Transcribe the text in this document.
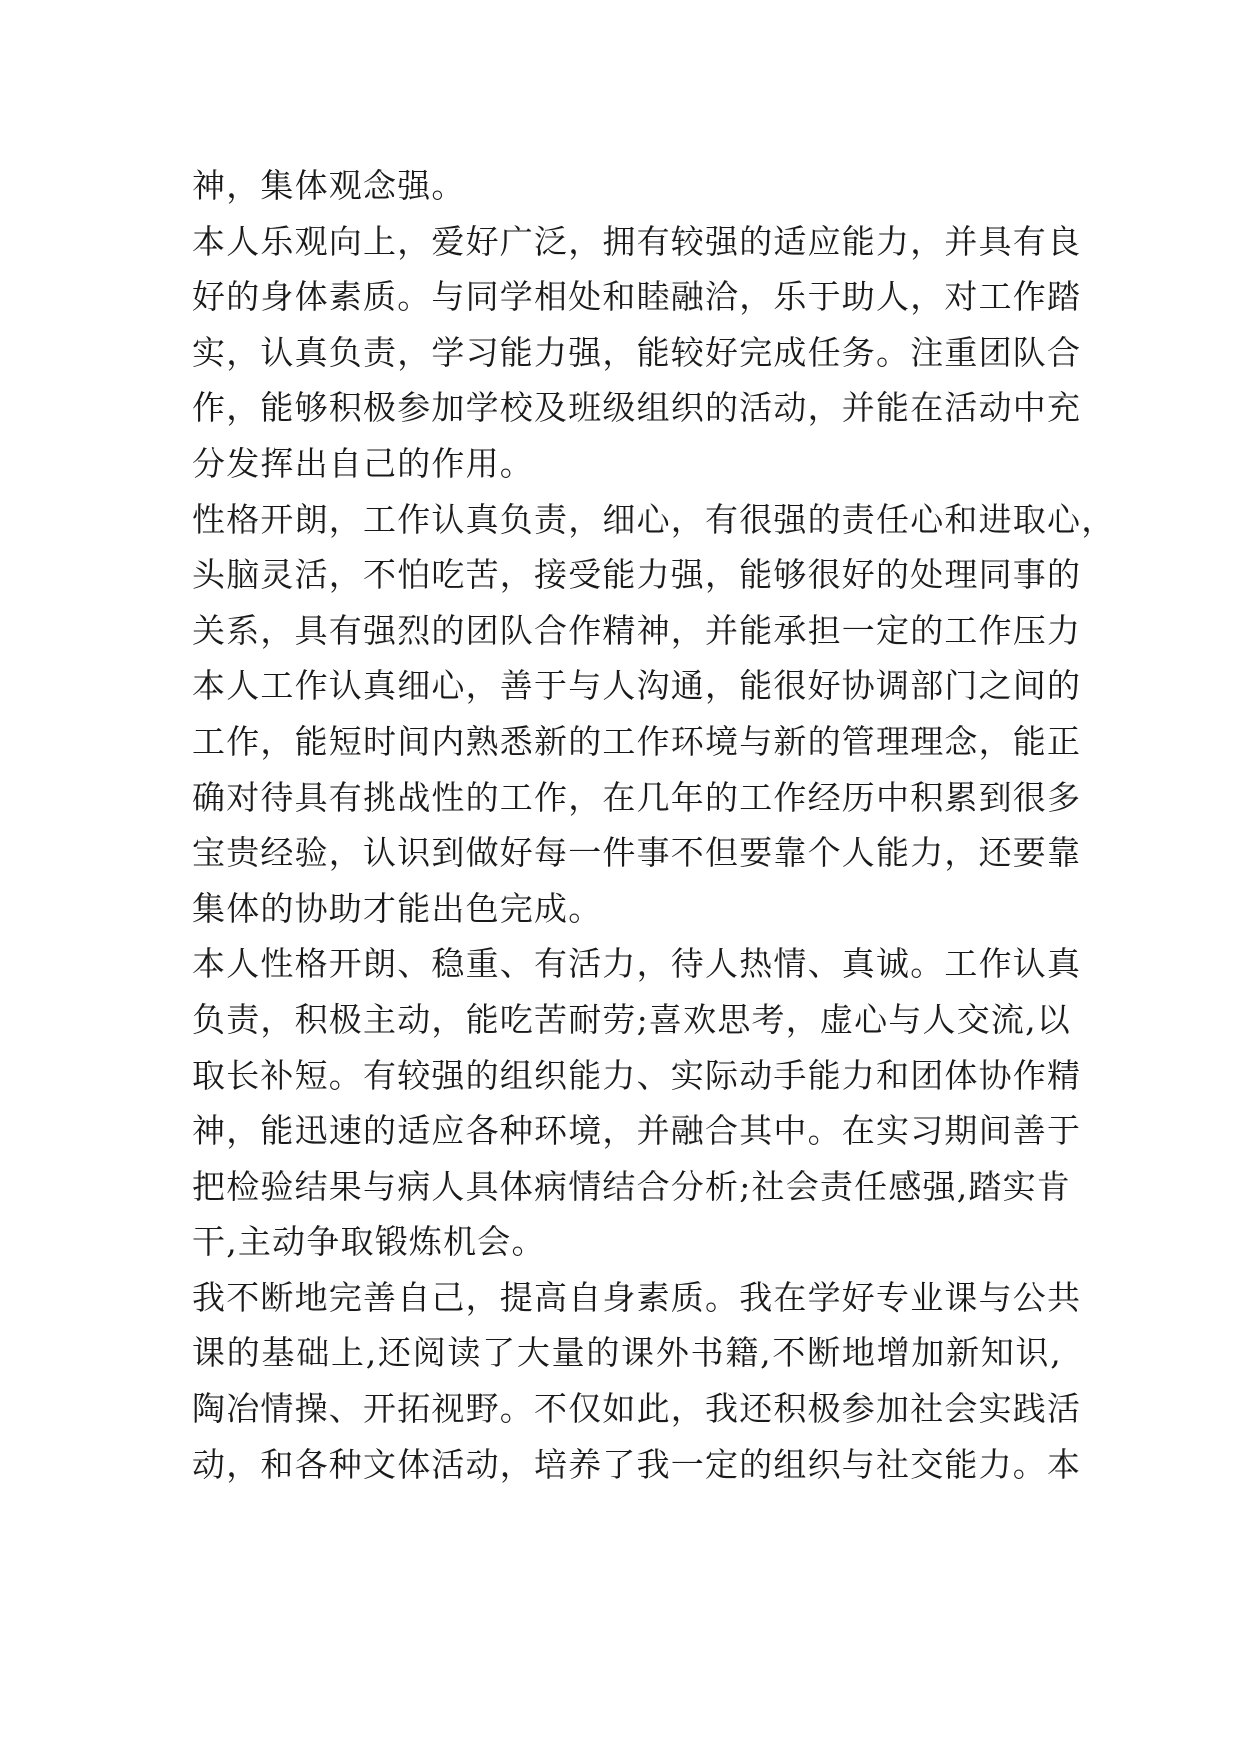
神，集体观念强。
本人乐观向上，爱好广泛，拥有较强的适应能力，并具有良
好的身体素质。与同学相处和睦融洽，乐于助人，对工作踏
实，认真负责，学习能力强，能较好完成任务。注重团队合
作，能够积极参加学校及班级组织的活动，并能在活动中充
分发挥出自己的作用。
性格开朗，工作认真负责，细心，有很强的责任心和进取心，
头脑灵活，不怕吃苦，接受能力强，能够很好的处理同事的
关系，具有强烈的团队合作精神，并能承担一定的工作压力
本人工作认真细心，善于与人沟通，能很好协调部门之间的
工作，能短时间内熟悉新的工作环境与新的管理理念，能正
确对待具有挑战性的工作，在几年的工作经历中积累到很多
宝贵经验，认识到做好每一件事不但要靠个人能力，还要靠
集体的协助才能出色完成。
本人性格开朗、稳重、有活力，待人热情、真诚。工作认真
负责，积极主动，能吃苦耐劳;喜欢思考，虚心与人交流,以
取长补短。有较强的组织能力、实际动手能力和团体协作精
神，能迅速的适应各种环境，并融合其中。在实习期间善于
把检验结果与病人具体病情结合分析;社会责任感强,踏实肯
干,主动争取锻炼机会。
我不断地完善自己，提高自身素质。我在学好专业课与公共
课的基础上,还阅读了大量的课外书籍,不断地增加新知识,
陶冶情操、开拓视野。不仅如此，我还积极参加社会实践活
动，和各种文体活动，培养了我一定的组织与社交能力。本
